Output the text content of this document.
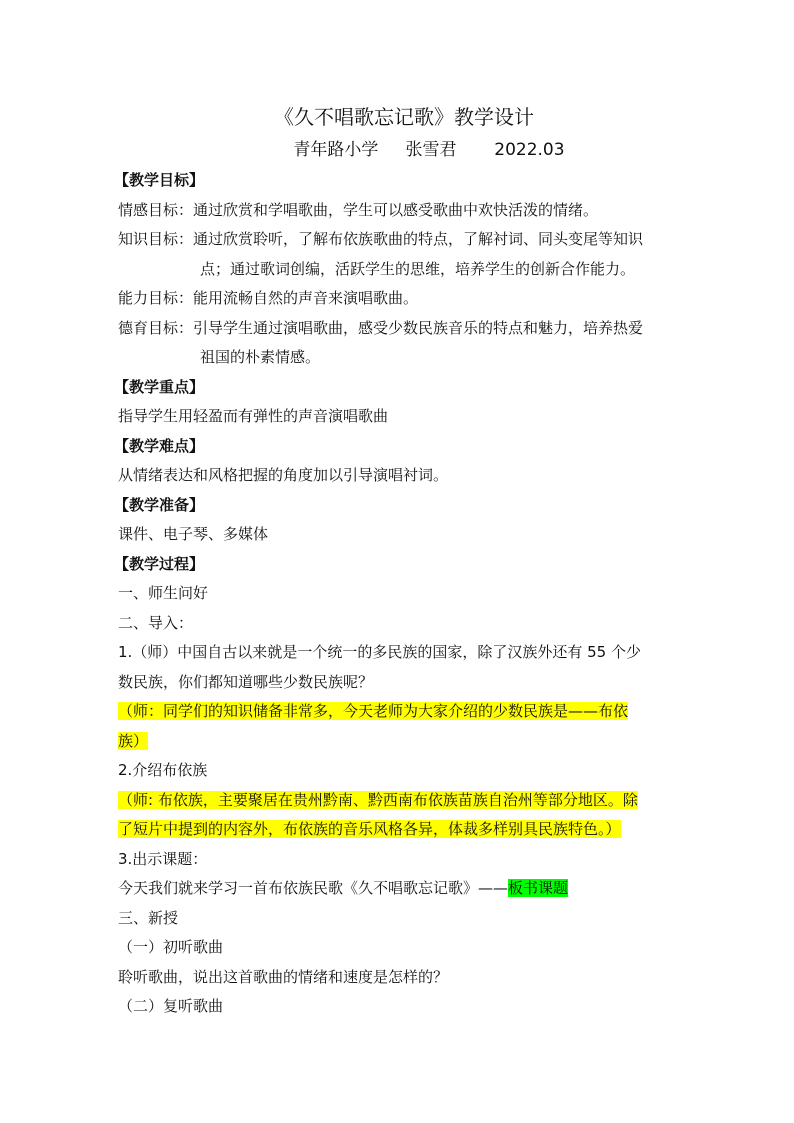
《久不唱歌忘记歌》教学设计
青年路小学     张雪君       2022.03
【教学目标】
情感目标： 通过欣赏和学唱歌曲，学生可以感受歌曲中欢快活泼的情绪。
知识目标： 通过欣赏聆听，了解布依族歌曲的特点，了解衬词、同头变尾等知识
点；通过歌词创编，活跃学生的思维，培养学生的创新合作能力。
能力目标： 能用流畅自然的声音来演唱歌曲。
德育目标： 引导学生通过演唱歌曲，感受少数民族音乐的特点和魅力，培养热爱
祖国的朴素情感。
【教学重点】
指导学生用轻盈而有弹性的声音演唱歌曲
【教学难点】
从情绪表达和风格把握的角度加以引导演唱衬词。
【教学准备】
课件、电子琴、多媒体
【教学过程】
一、师生问好
二、导入：
1.（师）中国自古以来就是一个统一的多民族的国家，除了汉族外还有 55 个少
数民族，你们都知道哪些少数民族呢？
（师：同学们的知识储备非常多，今天老师为大家介绍的少数民族是——布依
族）
2.介绍布依族
（师: 布依族，主要聚居在贵州黔南、黔西南布依族苗族自治州等部分地区。除
了短片中提到的内容外，布依族的音乐风格各异，体裁多样别具民族特色。）
3.出示课题：
今天我们就来学习一首布依族民歌《久不唱歌忘记歌》——板书课题
三、新授
（一）初听歌曲
聆听歌曲，说出这首歌曲的情绪和速度是怎样的？
（二）复听歌曲
